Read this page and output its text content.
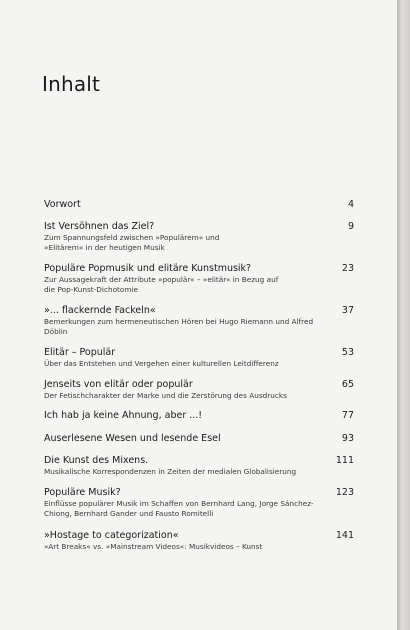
Inhalt
Vorwort	4
Ist Versöhnen das Ziel?	9
Zum Spannungsfeld zwischen »Populärem« und »Elitärem« in der heutigen Musik
Populäre Popmusik und elitäre Kunstmusik?	23
Zur Aussagekraft der Attribute »populär« – »elitär« in Bezug auf die Pop-Kunst-Dichotomie
»... flackernde Fackeln«	37
Bemerkungen zum hermeneutischen Hören bei Hugo Riemann und Alfred Döblin
Elitär – Populär	53
Über das Entstehen und Vergehen einer kulturellen Leitdifferenz
Jenseits von elitär oder populär	65
Der Fetischcharakter der Marke und die Zerstörung des Ausdrucks
Ich hab ja keine Ahnung, aber ...!	77
Auserlesene Wesen und lesende Esel	93
Die Kunst des Mixens.	111
Musikalische Korrespondenzen in Zeiten der medialen Globalisierung
Populäre Musik?	123
Einflüsse populärer Musik im Schaffen von Bernhard Lang, Jorge Sánchez-Chiong, Bernhard Gander und Fausto Romitelli
»Hostage to categorization«	141
»Art Breaks« vs. »Mainstream Videos«: Musikvideos – Kunst
